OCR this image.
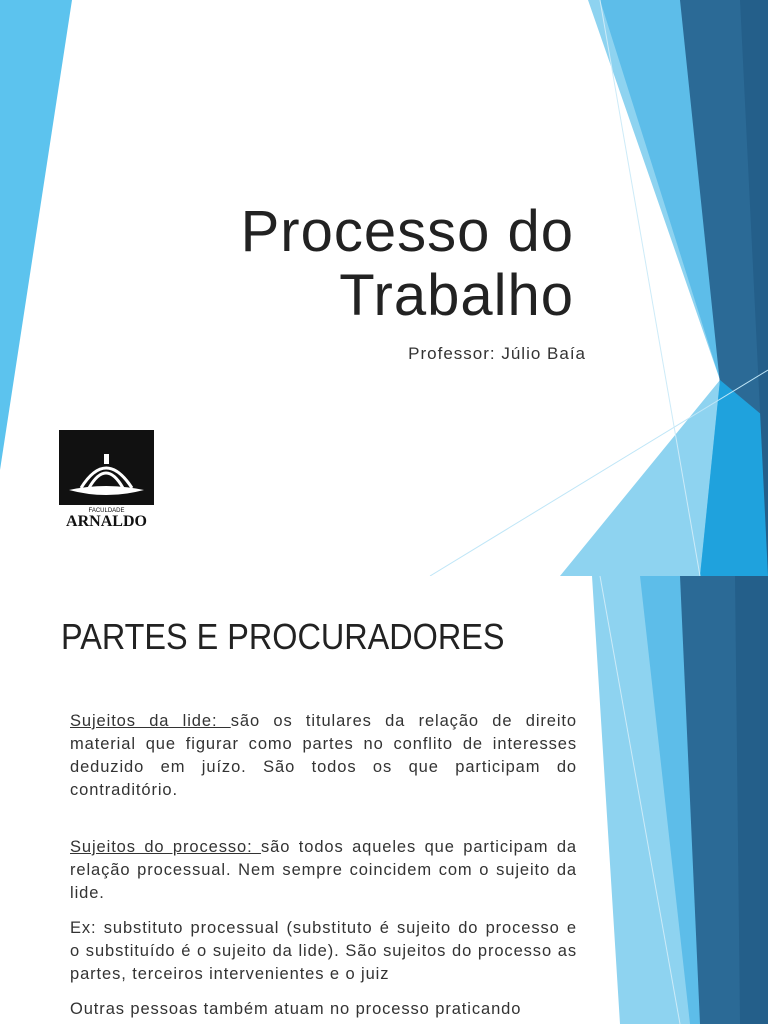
Processo do
Trabalho
Professor: Júlio Baía
FACULDADE
ARNALDO
PARTES E PROCURADORES

Sujeitos da lide: são os titulares da relação de direito material que figurar como partes no conflito de interesses deduzido em juízo. São todos os que participam do contraditório.

Sujeitos do processo: são todos aqueles que participam da relação processual. Nem sempre coincidem com o sujeito da lide.

Ex: substituto processual (substituto é sujeito do processo e o substituído é o sujeito da lide). São sujeitos do processo as partes, terceiros intervenientes e o juiz

Outras pessoas também atuam no processo praticando
